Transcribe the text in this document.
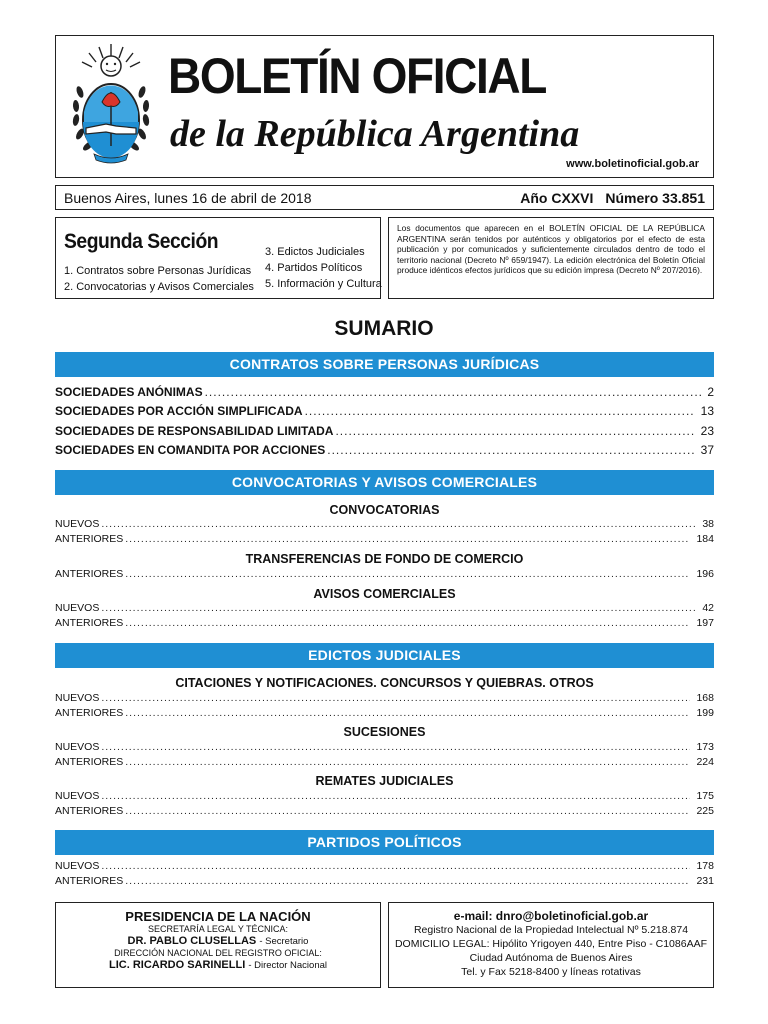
BOLETÍN OFICIAL
de la República Argentina
www.boletinoficial.gob.ar
Buenos Aires, lunes 16 de abril de 2018	Año CXXVI Número 33.851
Segunda Sección
1. Contratos sobre Personas Jurídicas
2. Convocatorias y Avisos Comerciales
3. Edictos Judiciales
4. Partidos Políticos
5. Información y Cultura
Los documentos que aparecen en el BOLETÍN OFICIAL DE LA REPÚBLICA ARGENTINA serán tenidos por auténticos y obligatorios por el efecto de esta publicación y por comunicados y suficientemente circulados dentro de todo el territorio nacional (Decreto Nº 659/1947). La edición electrónica del Boletín Oficial produce idénticos efectos jurídicos que su edición impresa (Decreto Nº 207/2016).
SUMARIO
CONTRATOS SOBRE PERSONAS JURÍDICAS
SOCIEDADES ANÓNIMAS .....	2
SOCIEDADES POR ACCIÓN SIMPLIFICADA .....	13
SOCIEDADES DE RESPONSABILIDAD LIMITADA .....	23
SOCIEDADES EN COMANDITA POR ACCIONES .....	37
CONVOCATORIAS Y AVISOS COMERCIALES
CONVOCATORIAS
NUEVOS .....	38
ANTERIORES .....	184
TRANSFERENCIAS DE FONDO DE COMERCIO
ANTERIORES .....	196
AVISOS COMERCIALES
NUEVOS .....	42
ANTERIORES .....	197
EDICTOS JUDICIALES
CITACIONES Y NOTIFICACIONES. CONCURSOS Y QUIEBRAS. OTROS
NUEVOS .....	168
ANTERIORES .....	199
SUCESIONES
NUEVOS .....	173
ANTERIORES .....	224
REMATES JUDICIALES
NUEVOS .....	175
ANTERIORES .....	225
PARTIDOS POLÍTICOS
NUEVOS .....	178
ANTERIORES .....	231
PRESIDENCIA DE LA NACIÓN
SECRETARÍA LEGAL Y TÉCNICA:
DR. PABLO CLUSELLAS - Secretario
DIRECCIÓN NACIONAL DEL REGISTRO OFICIAL:
LIC. RICARDO SARINELLI - Director Nacional
e-mail: dnro@boletinoficial.gob.ar
Registro Nacional de la Propiedad Intelectual Nº 5.218.874
DOMICILIO LEGAL: Hipólito Yrigoyen 440, Entre Piso - C1086AAF
Ciudad Autónoma de Buenos Aires
Tel. y Fax 5218-8400 y líneas rotativas
